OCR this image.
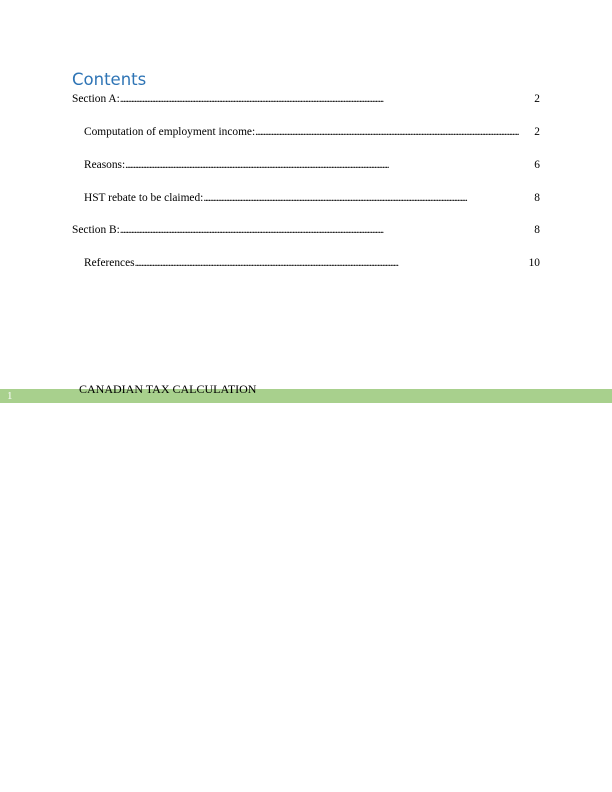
Contents
Section A: . . .	2
Computation of employment income: . . .	2
Reasons: . . .	6
HST rebate to be claimed: . . .	8
Section B: . . .	8
References . . .	10
1	CANADIAN TAX CALCULATION
